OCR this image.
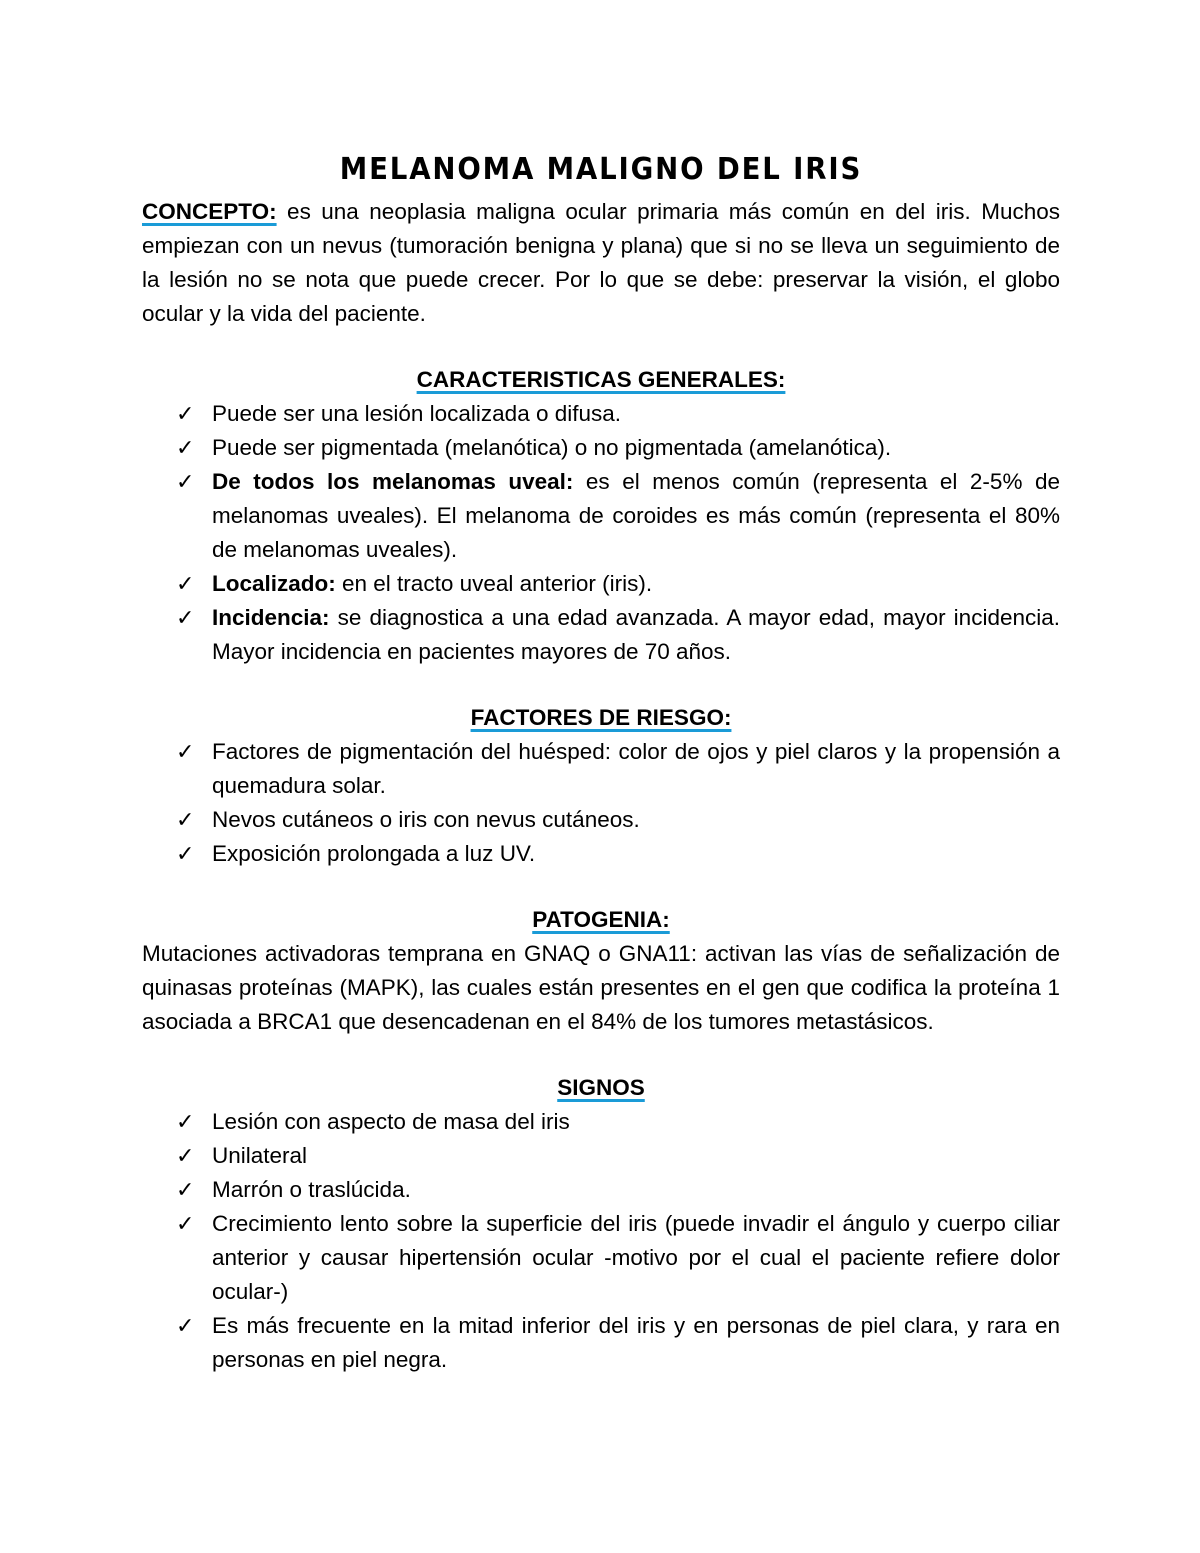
MELANOMA MALIGNO DEL IRIS

CONCEPTO: es una neoplasia maligna ocular primaria más común en del iris. Muchos empiezan con un nevus (tumoración benigna y plana) que si no se lleva un seguimiento de la lesión no se nota que puede crecer. Por lo que se debe: preservar la visión, el globo ocular y la vida del paciente.

CARACTERISTICAS GENERALES:

✓ Puede ser una lesión localizada o difusa.
✓ Puede ser pigmentada (melanótica) o no pigmentada (amelanótica).
✓ De todos los melanomas uveal: es el menos común (representa el 2-5% de melanomas uveales). El melanoma de coroides es más común (representa el 80% de melanomas uveales).
✓ Localizado: en el tracto uveal anterior (iris).
✓ Incidencia: se diagnostica a una edad avanzada. A mayor edad, mayor incidencia. Mayor incidencia en pacientes mayores de 70 años.

FACTORES DE RIESGO:

✓ Factores de pigmentación del huésped: color de ojos y piel claros y la propensión a quemadura solar.
✓ Nevos cutáneos o iris con nevus cutáneos.
✓ Exposición prolongada a luz UV.

PATOGENIA:

Mutaciones activadoras temprana en GNAQ o GNA11: activan las vías de señalización de quinasas proteínas (MAPK), las cuales están presentes en el gen que codifica la proteína 1 asociada a BRCA1 que desencadenan en el 84% de los tumores metastásicos.

SIGNOS

✓ Lesión con aspecto de masa del iris
✓ Unilateral
✓ Marrón o traslúcida.
✓ Crecimiento lento sobre la superficie del iris (puede invadir el ángulo y cuerpo ciliar anterior y causar hipertensión ocular -motivo por el cual el paciente refiere dolor ocular-)
✓ Es más frecuente en la mitad inferior del iris y en personas de piel clara, y rara en personas en piel negra.
